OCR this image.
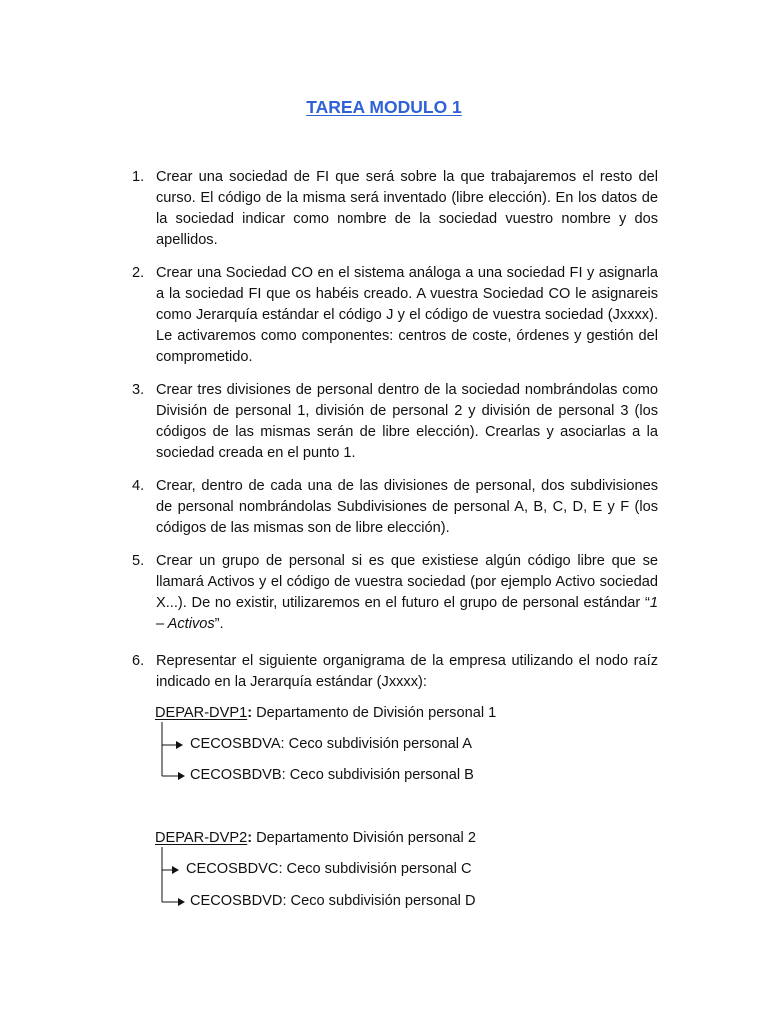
TAREA MODULO 1
1. Crear una sociedad de FI que será sobre la que trabajaremos el resto del curso. El código de la misma será inventado (libre elección). En los datos de la sociedad indicar como nombre de la sociedad vuestro nombre y dos apellidos.
2. Crear una Sociedad CO en el sistema análoga a una sociedad FI y asignarla a la sociedad FI que os habéis creado. A vuestra Sociedad CO le asignareis como Jerarquía estándar el código J y el código de vuestra sociedad (Jxxxx). Le activaremos como componentes: centros de coste, órdenes y gestión del comprometido.
3. Crear tres divisiones de personal dentro de la sociedad nombrándolas como División de personal 1, división de personal 2 y división de personal 3 (los códigos de las mismas serán de libre elección). Crearlas y asociarlas a la sociedad creada en el punto 1.
4. Crear, dentro de cada una de las divisiones de personal, dos subdivisiones de personal nombrándolas Subdivisiones de personal A, B, C, D, E y F (los códigos de las mismas son de libre elección).
5. Crear un grupo de personal si es que existiese algún código libre que se llamará Activos y el código de vuestra sociedad (por ejemplo Activo sociedad X...). De no existir, utilizaremos en el futuro el grupo de personal estándar “1 – Activos”.
6. Representar el siguiente organigrama de la empresa utilizando el nodo raíz indicado en la Jerarquía estándar (Jxxxx):
DEPAR-DVP1: Departamento de División personal 1
CECOSBDVA: Ceco subdivisión personal A
CECOSBDVB: Ceco subdivisión personal B
DEPAR-DVP2: Departamento División personal 2
CECOSBDVC: Ceco subdivisión personal C
CECOSBDVD: Ceco subdivisión personal D
